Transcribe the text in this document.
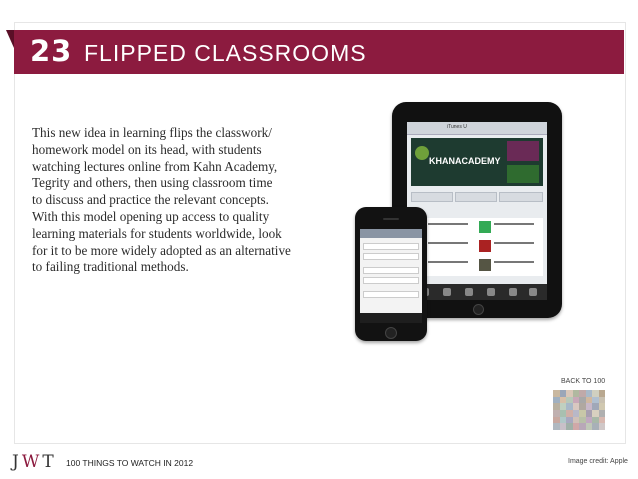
23 FLIPPED CLASSROOMS

This new idea in learning flips the classwork/

homework model on its head, with students

watching lectures online from Kahn Academy,

Tegrity and others, then using classroom time

to discuss and practice the relevant concepts.

With this model opening up access to quality

learning materials for students worldwide, look

for it to be more widely adopted as an alternative

to failing traditional methods.

iTunes U
KHANACADEMY
BACK TO 100
JWT 100 THINGS TO WATCH IN 2012	Image credit: Apple
